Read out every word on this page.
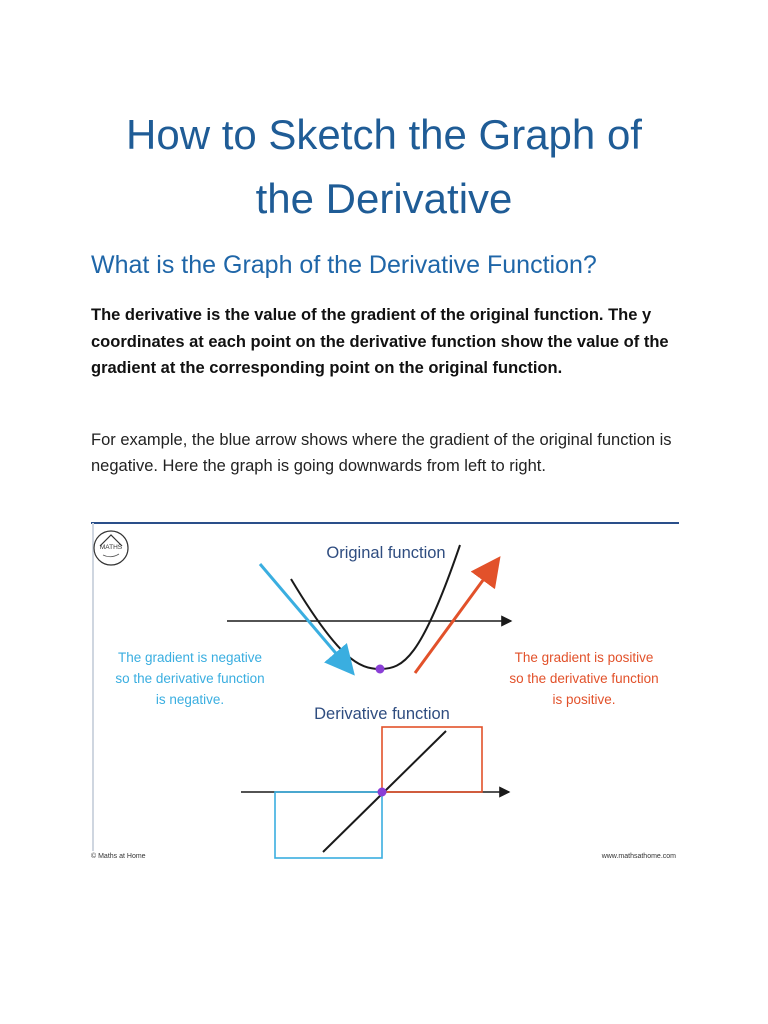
How to Sketch the Graph of
the Derivative
What is the Graph of the Derivative Function?

The derivative is the value of the gradient of the original function. The y coordinates at each point on the derivative function show the value of the gradient at the corresponding point on the original function.

For example, the blue arrow shows where the gradient of the original function is negative. Here the graph is going downwards from left to right.

MATHS	Original function
Derivative function
The gradient is negative
so the derivative function
is negative.
The gradient is positive
so the derivative function
is positive.
© Maths at Home	www.mathsathome.com
